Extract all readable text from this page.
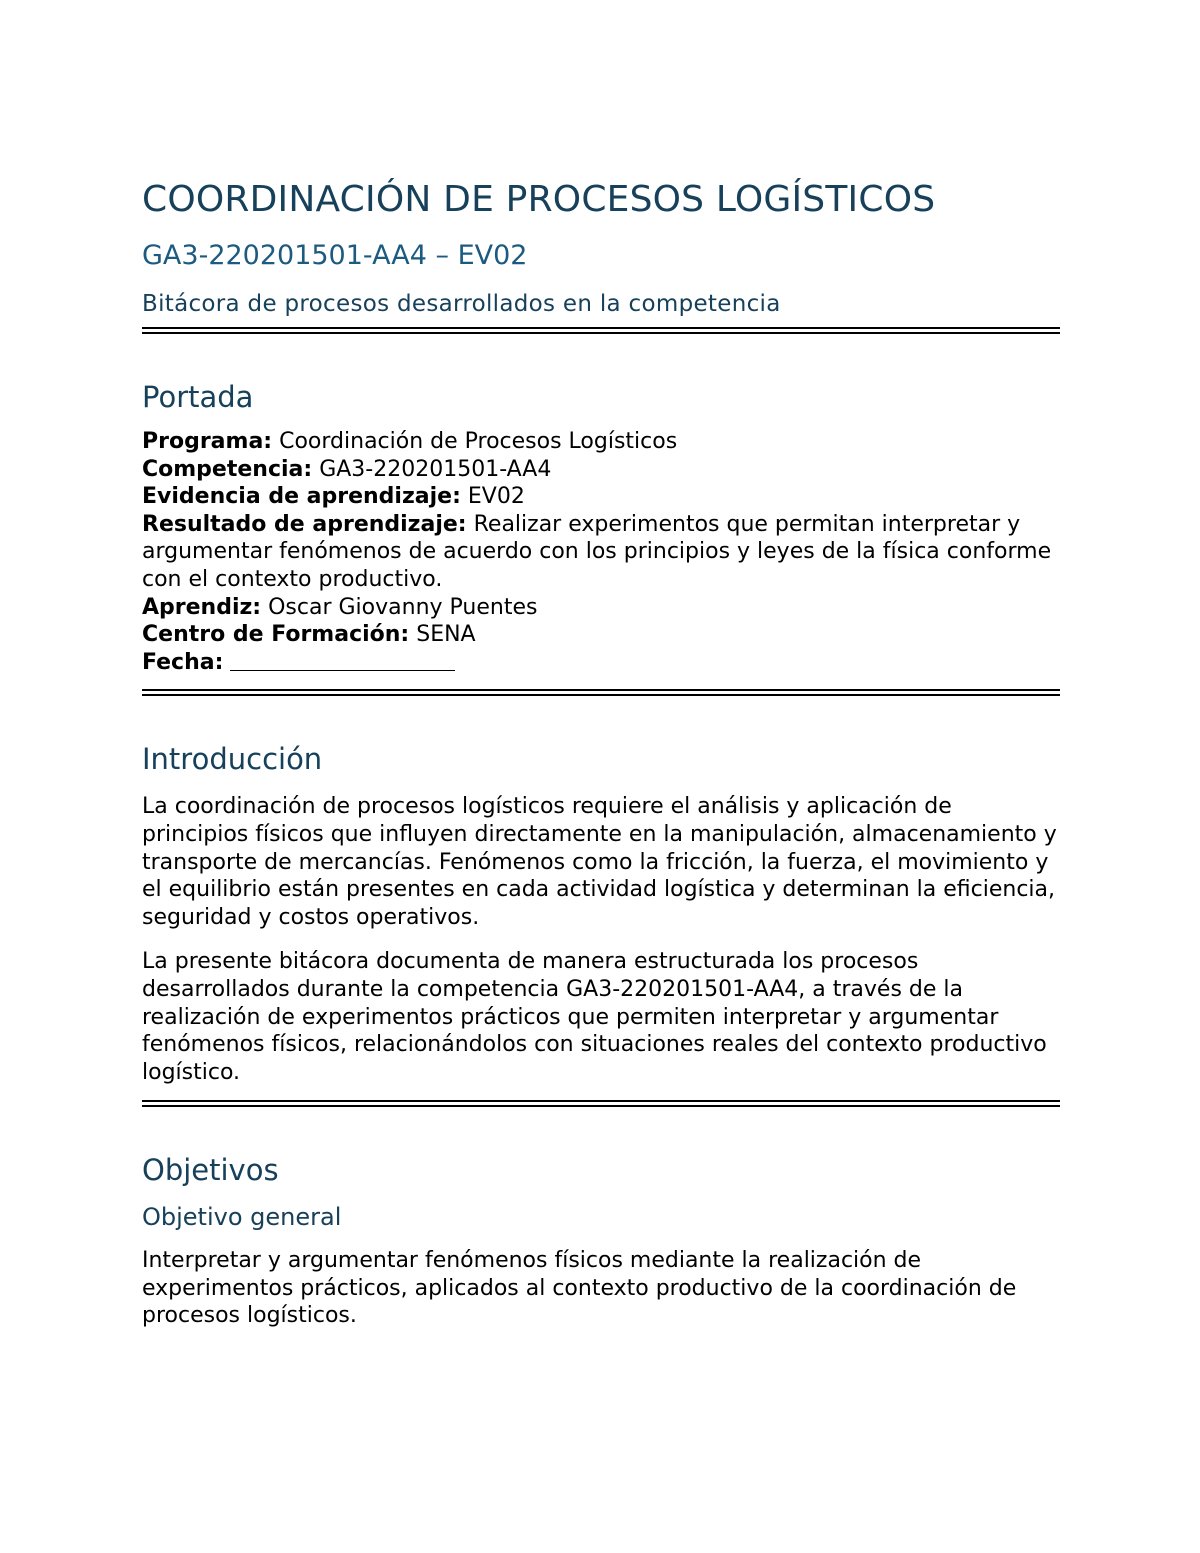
COORDINACIÓN DE PROCESOS LOGÍSTICOS
GA3-220201501-AA4 – EV02
Bitácora de procesos desarrollados en la competencia
Portada
Programa: Coordinación de Procesos Logísticos
Competencia: GA3-220201501-AA4
Evidencia de aprendizaje: EV02
Resultado de aprendizaje: Realizar experimentos que permitan interpretar y argumentar fenómenos de acuerdo con los principios y leyes de la física conforme con el contexto productivo.
Aprendiz: Oscar Giovanny Puentes
Centro de Formación: SENA
Fecha:
Introducción

La coordinación de procesos logísticos requiere el análisis y aplicación de principios físicos que influyen directamente en la manipulación, almacenamiento y transporte de mercancías. Fenómenos como la fricción, la fuerza, el movimiento y el equilibrio están presentes en cada actividad logística y determinan la eficiencia, seguridad y costos operativos.

La presente bitácora documenta de manera estructurada los procesos desarrollados durante la competencia GA3-220201501-AA4, a través de la realización de experimentos prácticos que permiten interpretar y argumentar fenómenos físicos, relacionándolos con situaciones reales del contexto productivo logístico.

Objetivos
Objetivo general

Interpretar y argumentar fenómenos físicos mediante la realización de experimentos prácticos, aplicados al contexto productivo de la coordinación de procesos logísticos.
